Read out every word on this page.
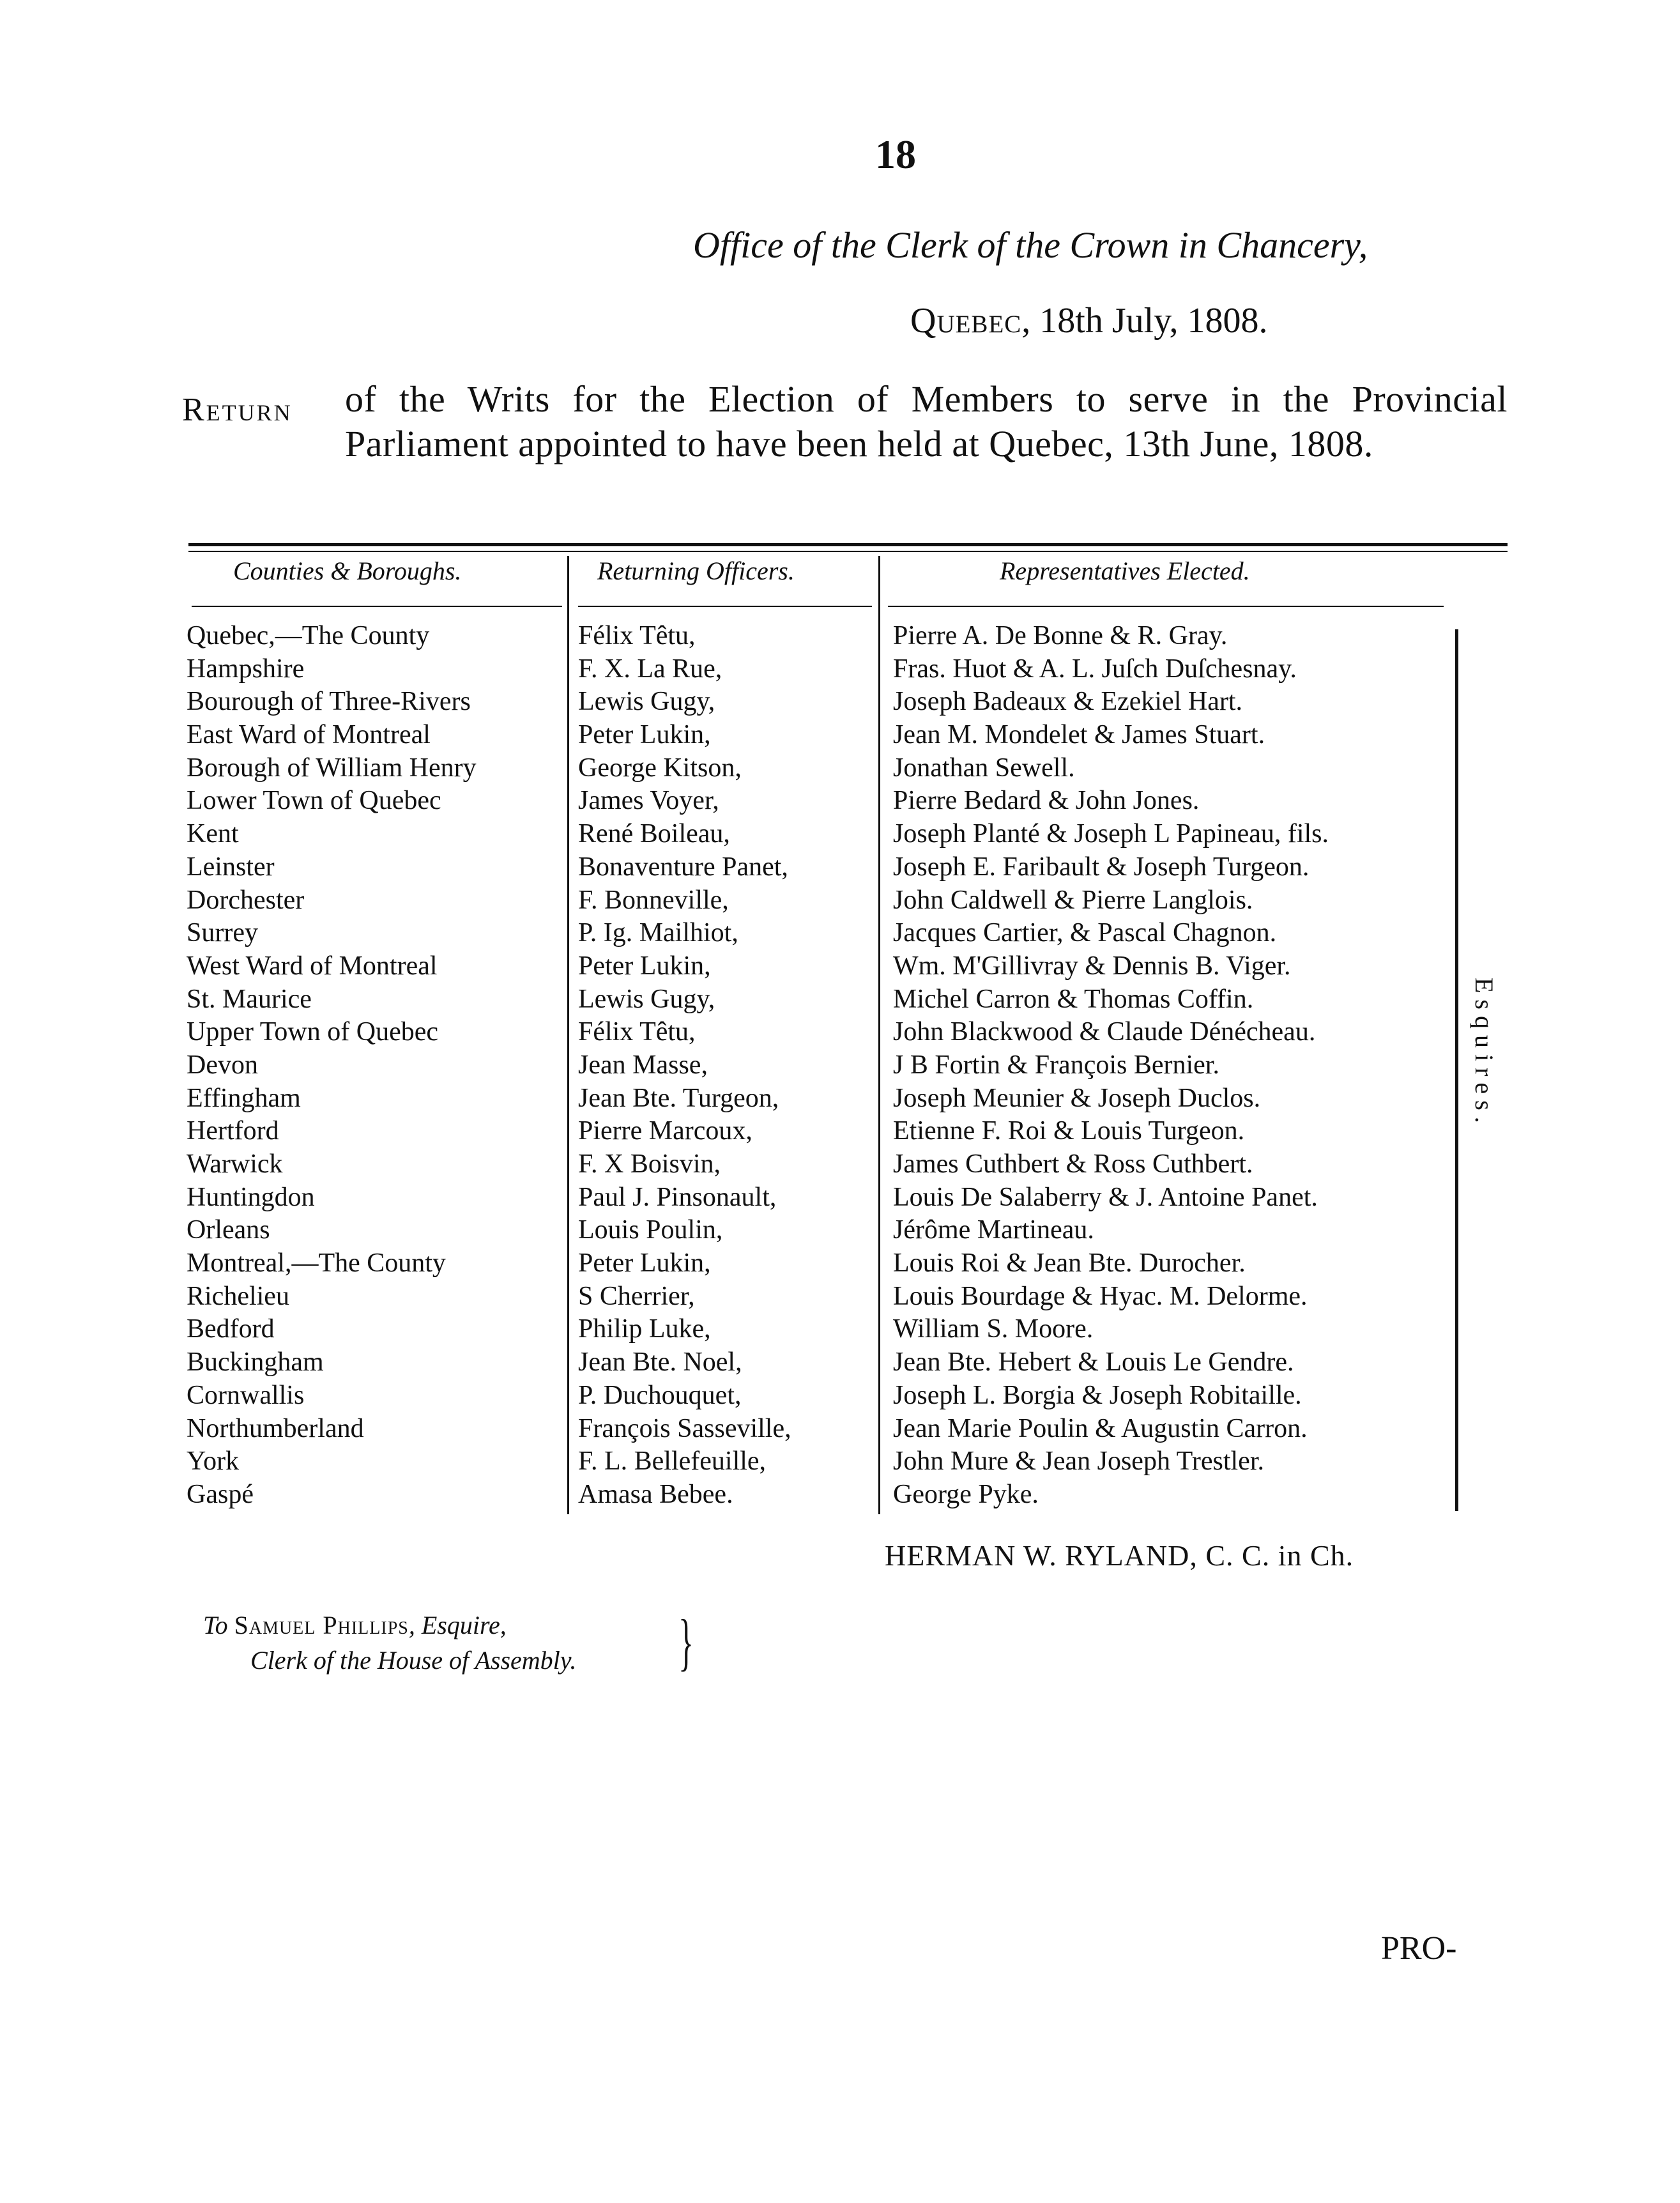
18
Office of the Clerk of the Crown in Chancery,
Quebec, 18th July, 1808.
Return of the Writs for the Election of Members to serve in the Provincial Parliament appointed to have been held at Quebec, 13th June, 1808.
Counties & Boroughs.	Returning Officers.	Representatives Elected.
Quebec,—The County
Hampshire
Bourough of Three-Rivers
East Ward of Montreal
Borough of William Henry
Lower Town of Quebec
Kent
Leinster
Dorchester
Surrey
West Ward of Montreal
St. Maurice
Upper Town of Quebec
Devon
Effingham
Hertford
Warwick
Huntingdon
Orleans
Montreal,—The County
Richelieu
Bedford
Buckingham
Cornwallis
Northumberland
York
Gaspé
Félix Têtu,
F. X. La Rue,
Lewis Gugy,
Peter Lukin,
George Kitson,
James Voyer,
René Boileau,
Bonaventure Panet,
F. Bonneville,
P. Ig. Mailhiot,
Peter Lukin,
Lewis Gugy,
Félix Têtu,
Jean Masse,
Jean Bte. Turgeon,
Pierre Marcoux,
F. X Boisvin,
Paul J. Pinsonault,
Louis Poulin,
Peter Lukin,
S Cherrier,
Philip Luke,
Jean Bte. Noel,
P. Duchouquet,
François Sasseville,
F. L. Bellefeuille,
Amasa Bebee.
Pierre A. De Bonne & R. Gray.
Fras. Huot & A. L. Juſch Duſchesnay.
Joseph Badeaux & Ezekiel Hart.
Jean M. Mondelet & James Stuart.
Jonathan Sewell.
Pierre Bedard & John Jones.
Joseph Planté & Joseph L Papineau, fils.
Joseph E. Faribault & Joseph Turgeon.
John Caldwell & Pierre Langlois.
Jacques Cartier, & Pascal Chagnon.
Wm. M'Gillivray & Dennis B. Viger.
Michel Carron & Thomas Coffin.
John Blackwood & Claude Dénécheau.
J B Fortin & François Bernier.
Joseph Meunier & Joseph Duclos.
Etienne F. Roi & Louis Turgeon.
James Cuthbert & Ross Cuthbert.
Louis De Salaberry & J. Antoine Panet.
Jérôme Martineau.
Louis Roi & Jean Bte. Durocher.
Louis Bourdage & Hyac. M. Delorme.
William S. Moore.
Jean Bte. Hebert & Louis Le Gendre.
Joseph L. Borgia & Joseph Robitaille.
Jean Marie Poulin & Augustin Carron.
John Mure & Jean Joseph Trestler.
George Pyke.
Esquires.
HERMAN W. RYLAND, C. C. in Ch.
To Samuel Phillips, Esquire,
Clerk of the House of Assembly. }
PRO-
